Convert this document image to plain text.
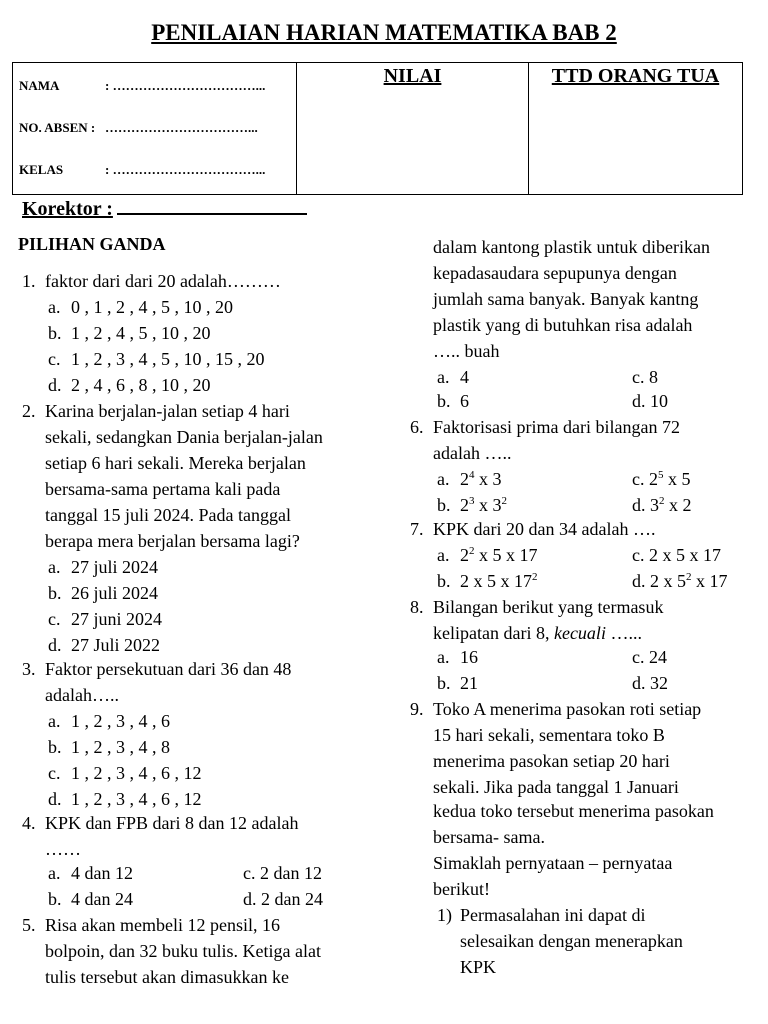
PENILAIAN HARIAN MATEMATIKA BAB 2
NAMA	: ……………………………...
NO. ABSEN : ……………………………...
KELAS	: ……………………………...
NILAI	TTD ORANG TUA
Korektor :
PILIHAN GANDA
1. faktor dari dari 20 adalah………
a. 0 , 1 , 2 , 4 , 5 , 10 , 20
b. 1 , 2 , 4 , 5 , 10 , 20
c. 1 , 2 , 3 , 4 , 5 , 10 , 15 , 20
d. 2 , 4 , 6 , 8 , 10 , 20
2. Karina berjalan-jalan setiap 4 hari
sekali, sedangkan Dania berjalan-jalan
setiap 6 hari sekali. Mereka berjalan
bersama-sama pertama kali pada
tanggal 15 juli 2024. Pada tanggal
berapa mera berjalan bersama lagi?
a. 27 juli 2024
b. 26 juli 2024
c. 27 juni 2024
d. 27 Juli 2022
3. Faktor persekutuan dari 36 dan 48
adalah…..
a. 1 , 2 , 3 , 4 , 6
b. 1 , 2 , 3 , 4 , 8
c. 1 , 2 , 3 , 4 , 6 , 12
d. 1 , 2 , 3 , 4 , 6 , 12
4. KPK dan FPB dari 8 dan 12 adalah
……
a. 4 dan 12	c. 2 dan 12
b. 4 dan 24	d. 2 dan 24
5. Risa akan membeli 12 pensil, 16
bolpoin, dan 32 buku tulis. Ketiga alat
tulis tersebut akan dimasukkan ke
dalam kantong plastik untuk diberikan
kepadasaudara sepupunya dengan
jumlah sama banyak. Banyak kantng
plastik yang di butuhkan risa adalah
….. buah
a. 4	c. 8
b. 6	d. 10
6. Faktorisasi prima dari bilangan 72
adalah …..
a. $2^4$ x 3	c. $2^5$ x 5
b. $2^3$ x $3^2$	d. $3^2$ x 2
7. KPK dari 20 dan 34 adalah ….
a. $2^2$ x 5 x 17	c. 2 x 5 x 17
b. 2 x 5 x $17^2$	d. 2 x $5^2$ x 17
8. Bilangan berikut yang termasuk
kelipatan dari 8, kecuali …...
a. 16	c. 24
b. 21	d. 32
9. Toko A menerima pasokan roti setiap
15 hari sekali, sementara toko B
menerima pasokan setiap 20 hari
sekali. Jika pada tanggal 1 Januari
kedua toko tersebut menerima pasokan
bersama- sama.
Simaklah pernyataan – pernyataa
berikut!
1) Permasalahan ini dapat di
selesaikan dengan menerapkan
KPK
